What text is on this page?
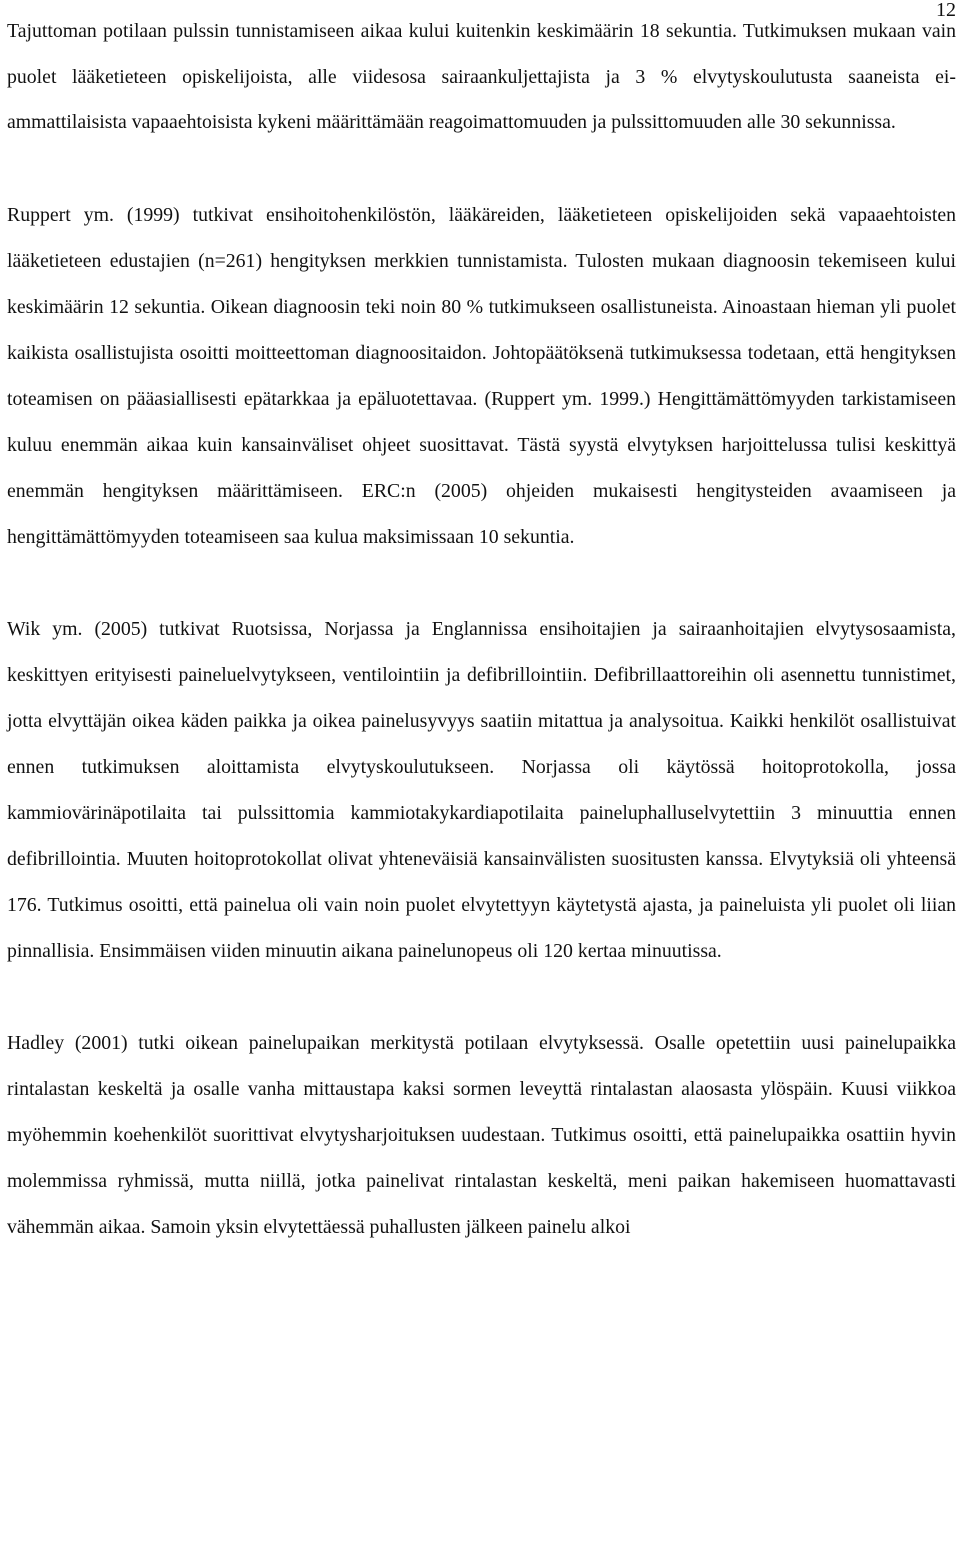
12

Tajuttoman potilaan pulssin tunnistamiseen aikaa kului kuitenkin keskimäärin 18 sekuntia. Tutkimuksen mukaan vain puolet lääketieteen opiskelijoista, alle viidesosa sairaankuljettajista ja 3 % elvytyskoulutusta saaneista ei-ammattilaisista vapaaehtoisista kykeni määrittämään reagoimattomuuden ja pulssittomuuden alle 30 sekunnissa.

Ruppert ym. (1999) tutkivat ensihoitohenkilöstön, lääkäreiden, lääketieteen opiskelijoiden sekä vapaaehtoisten lääketieteen edustajien (n=261) hengityksen merkkien tunnistamista. Tulosten mukaan diagnoosin tekemiseen kului keskimäärin 12 sekuntia. Oikean diagnoosin teki noin 80 % tutkimukseen osallistuneista. Ainoastaan hieman yli puolet kaikista osallistujista osoitti moitteettoman diagnoositaidon. Johtopäätöksenä tutkimuksessa todetaan, että hengityksen toteamisen on pääasiallisesti epätarkkaa ja epäluotettavaa. (Ruppert ym. 1999.) Hengittämättömyyden tarkistamiseen kuluu enemmän aikaa kuin kansainväliset ohjeet suosittavat. Tästä syystä elvytyksen harjoittelussa tulisi keskittyä enemmän hengityksen määrittämiseen. ERC:n (2005) ohjeiden mukaisesti hengitysteiden avaamiseen ja hengittämättömyyden toteamiseen saa kulua maksimissaan 10 sekuntia.

Wik ym. (2005) tutkivat Ruotsissa, Norjassa ja Englannissa ensihoitajien ja sairaanhoitajien elvytysosaamista, keskittyen erityisesti paineluelvytykseen, ventilointiin ja defibrillointiin. Defibrillaattoreihin oli asennettu tunnistimet, jotta elvyttäjän oikea käden paikka ja oikea painelusyvyys saatiin mitattua ja analysoitua. Kaikki henkilöt osallistuivat ennen tutkimuksen aloittamista elvytyskoulutukseen. Norjassa oli käytössä hoitoprotokolla, jossa kammiovärinäpotilaita tai pulssittomia kammiotakykardiapotilaita paineluphalluselvytettiin 3 minuuttia ennen defibrillointia. Muuten hoitoprotokollat olivat yhteneväisiä kansainvälisten suositusten kanssa. Elvytyksiä oli yhteensä 176. Tutkimus osoitti, että painelua oli vain noin puolet elvytettyyn käytetystä ajasta, ja paineluista yli puolet oli liian pinnallisia. Ensimmäisen viiden minuutin aikana painelunopeus oli 120 kertaa minuutissa.

Hadley (2001) tutki oikean painelupaikan merkitystä potilaan elvytyksessä. Osalle opetettiin uusi painelupaikka rintalastan keskeltä ja osalle vanha mittaustapa kaksi sormen leveyttä rintalastan alaosasta ylöspäin. Kuusi viikkoa myöhemmin koehenkilöt suorittivat elvytysharjoituksen uudestaan. Tutkimus osoitti, että painelupaikka osattiin hyvin molemmissa ryhmissä, mutta niillä, jotka painelivat rintalastan keskeltä, meni paikan hakemiseen huomattavasti vähemmän aikaa. Samoin yksin elvytettäessä puhallusten jälkeen painelu alkoi
